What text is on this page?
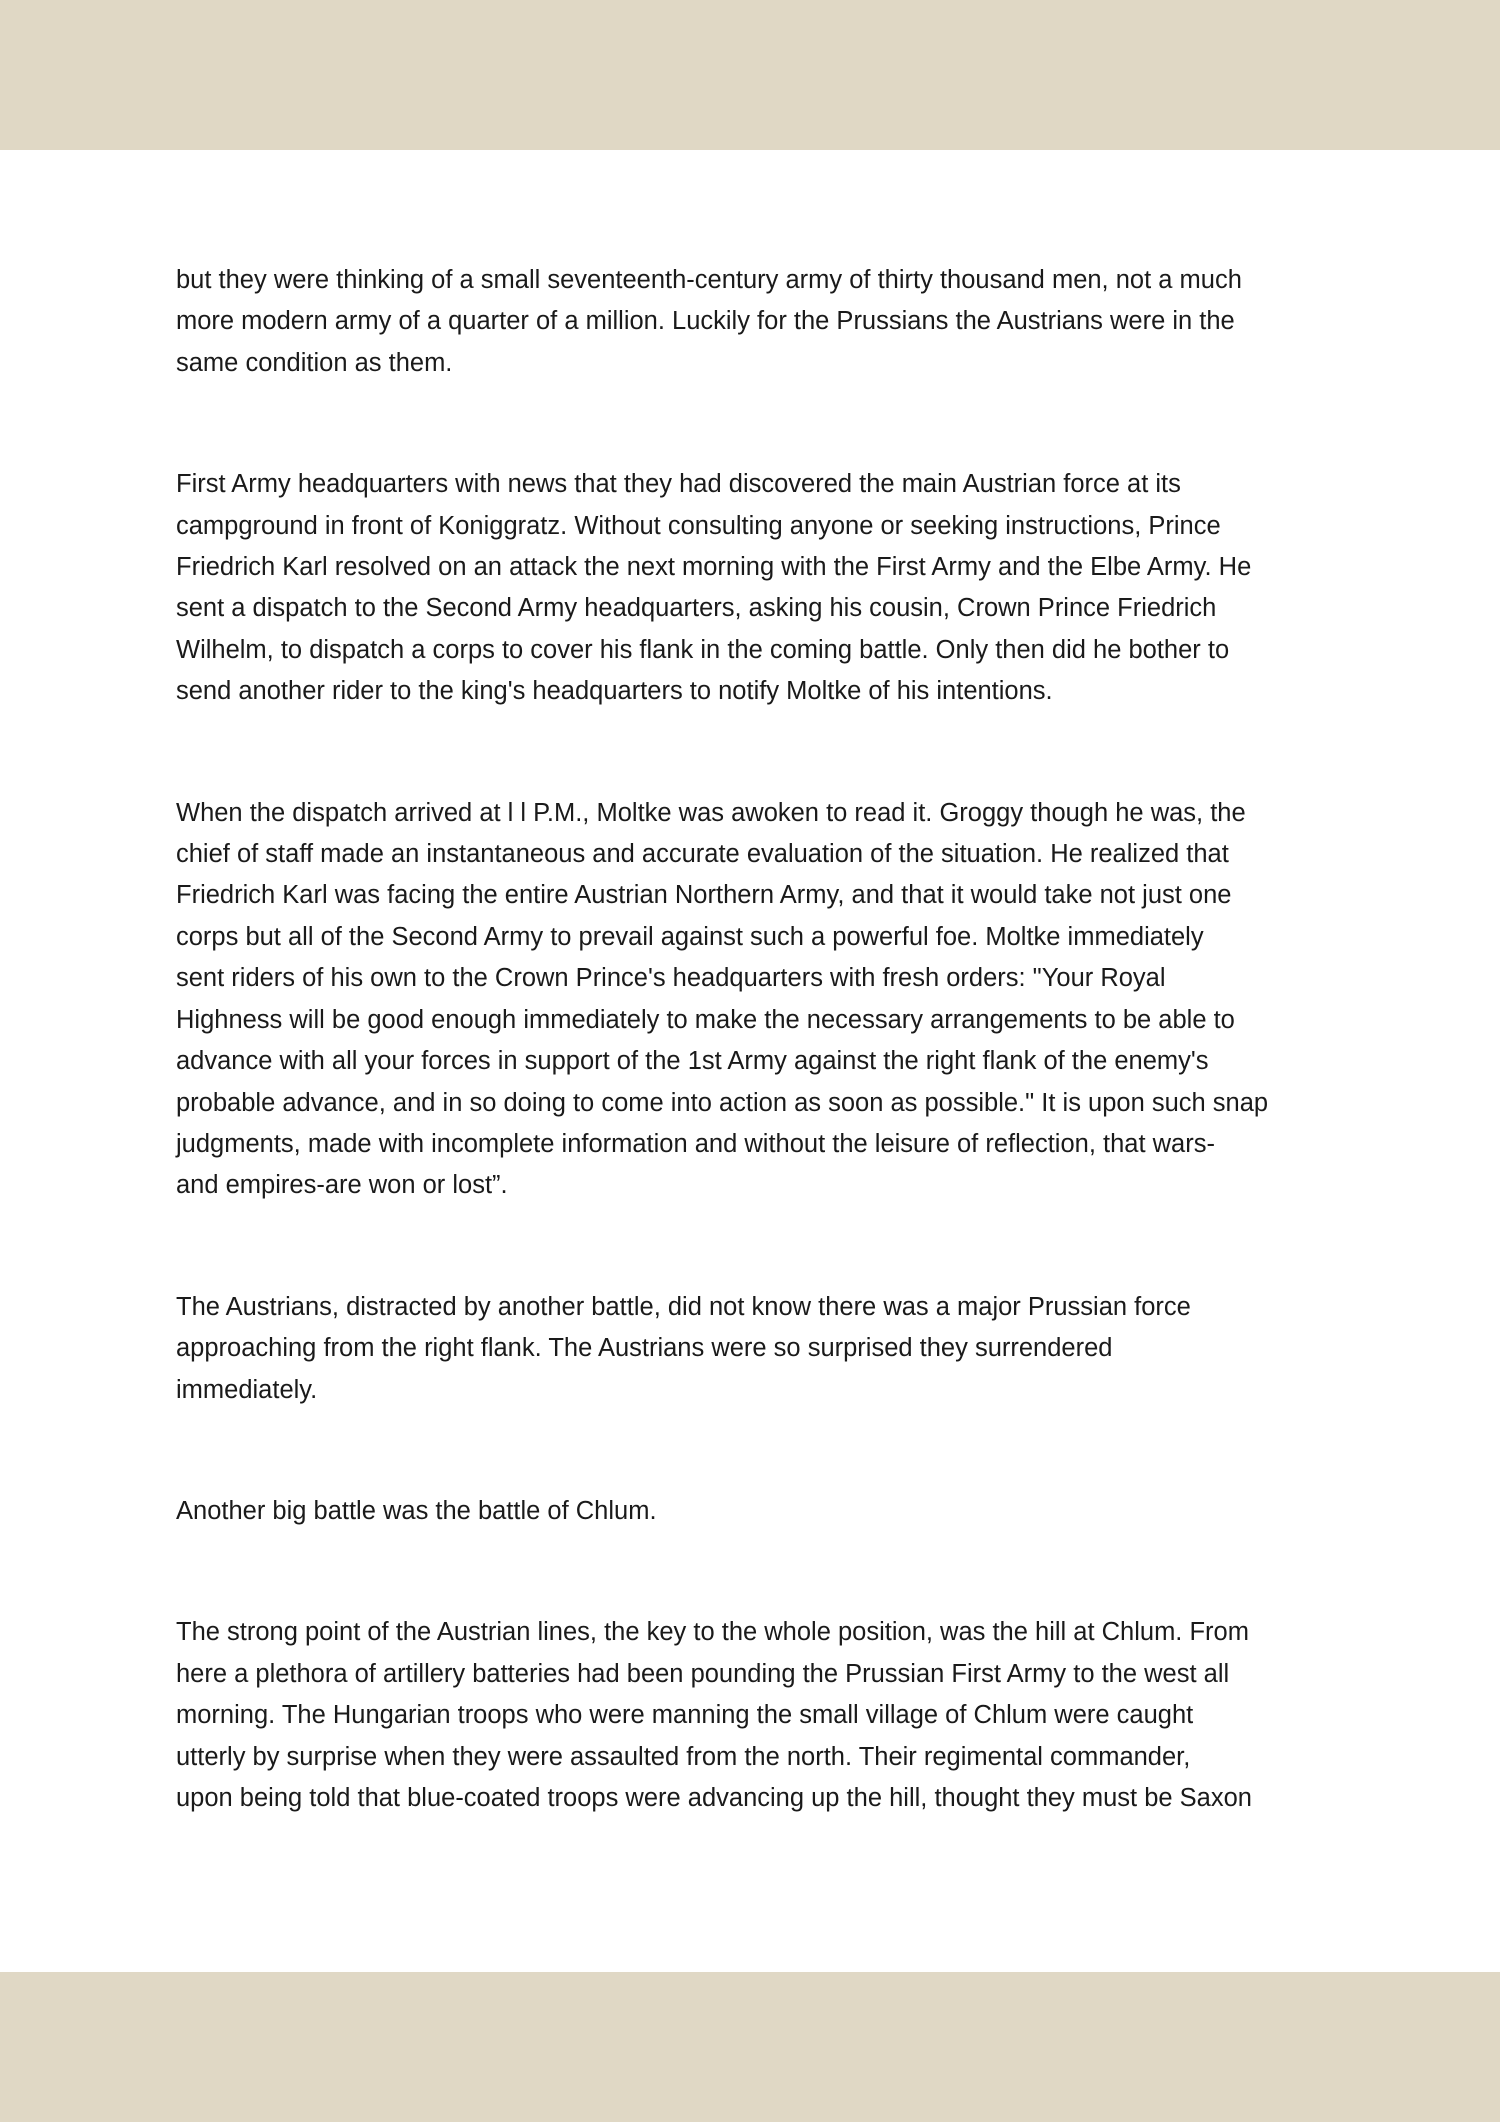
but they were thinking of a small seventeenth-century army of thirty thousand men, not a much
more modern army of a quarter of a million. Luckily for the Prussians the Austrians were in the
same condition as them.

First Army headquarters with news that they had discovered the main Austrian force at its
campground in front of Koniggratz. Without consulting anyone or seeking instructions, Prince
Friedrich Karl resolved on an attack the next morning with the First Army and the Elbe Army. He
sent a dispatch to the Second Army headquarters, asking his cousin, Crown Prince Friedrich
Wilhelm, to dispatch a corps to cover his flank in the coming battle. Only then did he bother to
send another rider to the king's headquarters to notify Moltke of his intentions.

When the dispatch arrived at l l P.M., Moltke was awoken to read it. Groggy though he was, the
chief of staff made an instantaneous and accurate evaluation of the situation. He realized that
Friedrich Karl was facing the entire Austrian Northern Army, and that it would take not just one
corps but all of the Second Army to prevail against such a powerful foe. Moltke immediately
sent riders of his own to the Crown Prince's headquarters with fresh orders: "Your Royal
Highness will be good enough immediately to make the necessary arrangements to be able to
advance with all your forces in support of the 1st Army against the right flank of the enemy's
probable advance, and in so doing to come into action as soon as possible." It is upon such snap
judgments, made with incomplete information and without the leisure of reflection, that wars-
and empires-are won or lost”.

The Austrians, distracted by another battle, did not know there was a major Prussian force
approaching from the right flank. The Austrians were so surprised they surrendered
immediately.

Another big battle was the battle of Chlum.

The strong point of the Austrian lines, the key to the whole position, was the hill at Chlum. From
here a plethora of artillery batteries had been pounding the Prussian First Army to the west all
morning. The Hungarian troops who were manning the small village of Chlum were caught
utterly by surprise when they were assaulted from the north. Their regimental commander,
upon being told that blue-coated troops were advancing up the hill, thought they must be Saxon
